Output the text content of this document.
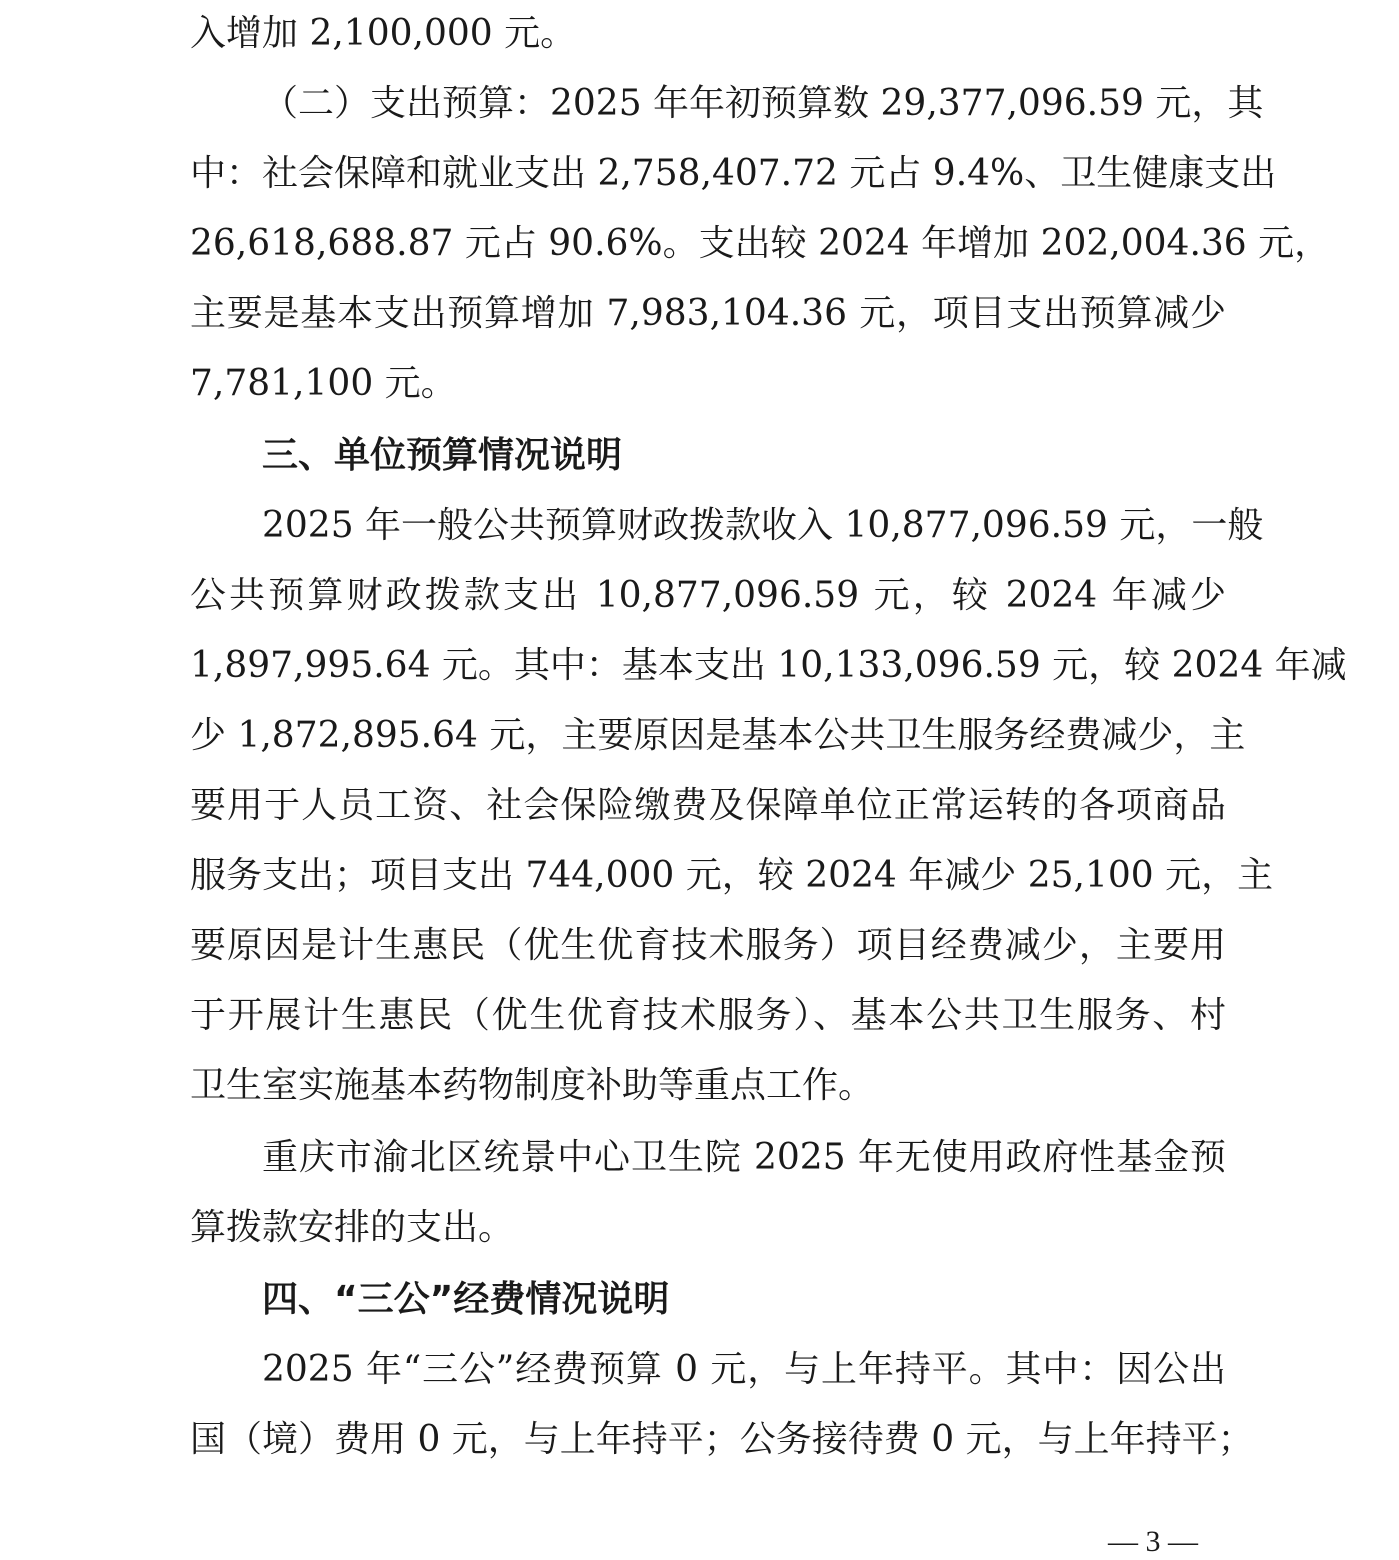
入增加 2,100,000 元。
（二）支出预算：2025 年年初预算数 29,377,096.59 元，其
中：社会保障和就业支出 2,758,407.72 元占 9.4%、卫生健康支出
26,618,688.87 元占 90.6%。支出较 2024 年增加 202,004.36 元，
主要是基本支出预算增加 7,983,104.36 元，项目支出预算减少
7,781,100 元。
三、单位预算情况说明
2025 年一般公共预算财政拨款收入 10,877,096.59 元，一般
公共预算财政拨款支出 10,877,096.59 元，较 2024 年减少
1,897,995.64 元。其中：基本支出 10,133,096.59 元，较 2024 年减
少 1,872,895.64 元，主要原因是基本公共卫生服务经费减少，主
要用于人员工资、社会保险缴费及保障单位正常运转的各项商品
服务支出；项目支出 744,000 元，较 2024 年减少 25,100 元，主
要原因是计生惠民（优生优育技术服务）项目经费减少，主要用
于开展计生惠民（优生优育技术服务）、基本公共卫生服务、村
卫生室实施基本药物制度补助等重点工作。
重庆市渝北区统景中心卫生院 2025 年无使用政府性基金预
算拨款安排的支出。
四、“三公”经费情况说明
2025 年“三公”经费预算 0 元，与上年持平。其中：因公出
国（境）费用 0 元，与上年持平；公务接待费 0 元，与上年持平；
— 3 —
